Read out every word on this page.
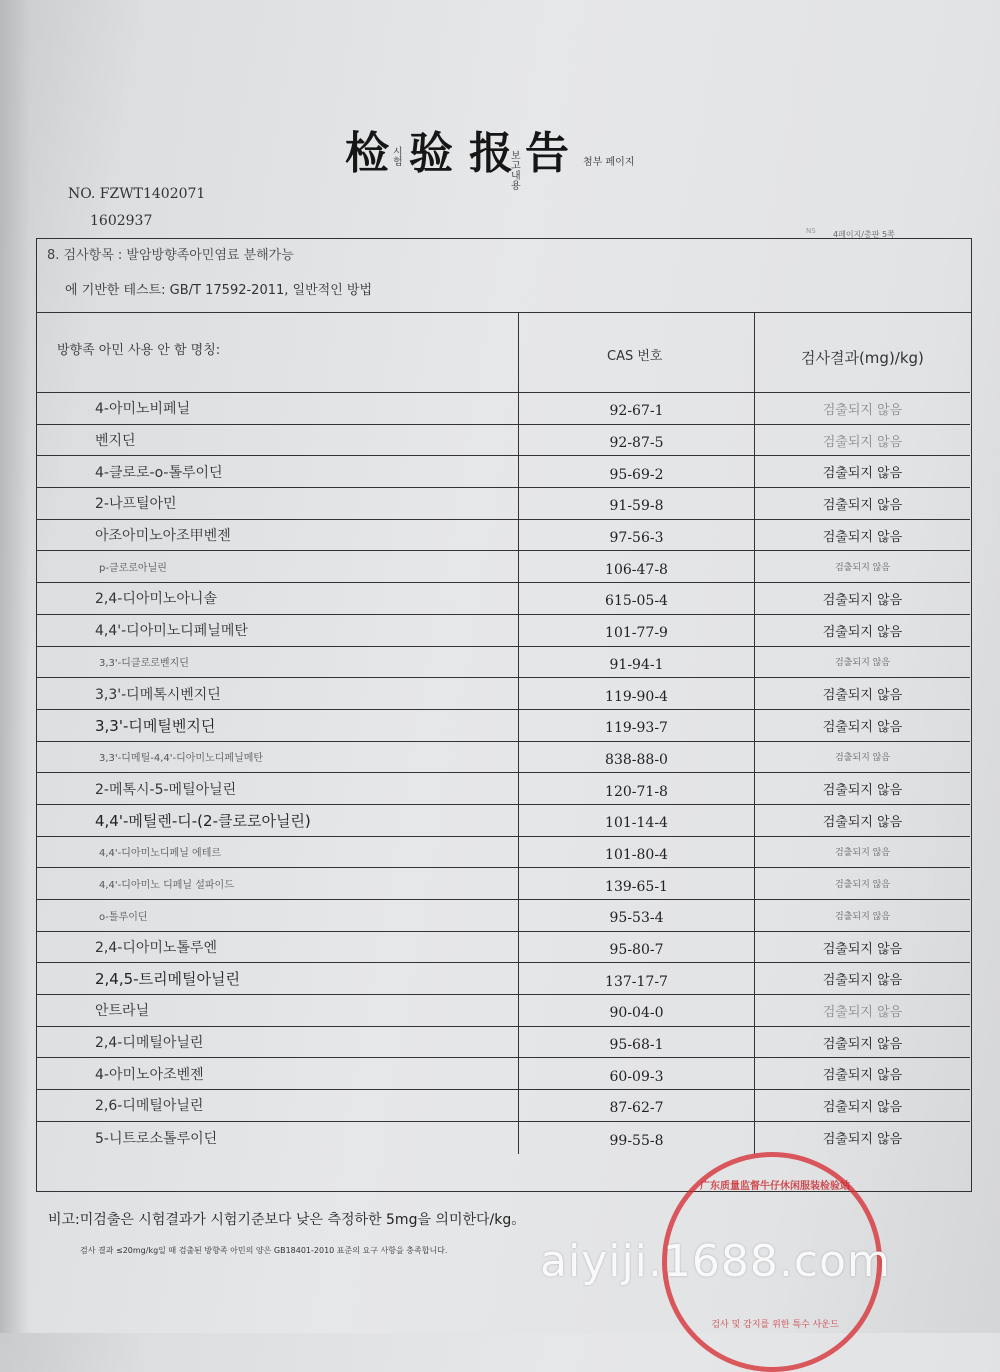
检 시험 验 报
보고내용
告 첨부 페이지
NO. FZWT1402071
1602937
NS 4페이지/총판 5쪽
8. 검사항목 : 발암방향족아민염료 분해가능
에 기반한 테스트: GB/T 17592-2011, 일반적인 방법
방향족 아민 사용 안 함 명칭:	CAS 번호	검사결과(mg)/kg)
4-아미노비페닐	92-67-1	검출되지 않음
벤지딘	92-87-5	검출되지 않음
4-클로로-o-톨루이딘	95-69-2	검출되지 않음
2-나프틸아민	91-59-8	검출되지 않음
아조아미노아조甲벤젠	97-56-3	검출되지 않음
p-클로로아닐린	106-47-8	검출되지 않음
2,4-디아미노아니솔	615-05-4	검출되지 않음
4,4'-디아미노디페닐메탄	101-77-9	검출되지 않음
3,3'-디클로로벤지딘	91-94-1	검출되지 않음
3,3'-디메톡시벤지딘	119-90-4	검출되지 않음
3,3'-디메틸벤지딘	119-93-7	검출되지 않음
3,3'-디메틸-4,4'-디아미노디페닐메탄	838-88-0	검출되지 않음
2-메톡시-5-메틸아닐린	120-71-8	검출되지 않음
4,4'-메틸렌-디-(2-클로로아닐린)	101-14-4	검출되지 않음
4,4'-디아미노디페닐 에테르	101-80-4	검출되지 않음
4,4'-디아미노 디페닐 설파이드	139-65-1	검출되지 않음
o-톨루이딘	95-53-4	검출되지 않음
2,4-디아미노톨루엔	95-80-7	검출되지 않음
2,4,5-트리메틸아닐린	137-17-7	검출되지 않음
안트라닐	90-04-0	검출되지 않음
2,4-디메틸아닐린	95-68-1	검출되지 않음
4-아미노아조벤젠	60-09-3	검출되지 않음
2,6-디메틸아닐린	87-62-7	검출되지 않음
5-니트로소톨루이딘	99-55-8	검출되지 않음
비고:미검출은 시험결과가 시험기준보다 낮은 측정하한 5mg을 의미한다/kg。
검사 결과 ≤20mg/kg일 때 검출된 방향족 아민의 양은 GB18401-2010 표준의 요구 사항을 충족합니다.
广东质量监督牛仔休闲服装检验站
검사 및 감지를 위한 특수 사운드
aiyiji.1688.com
